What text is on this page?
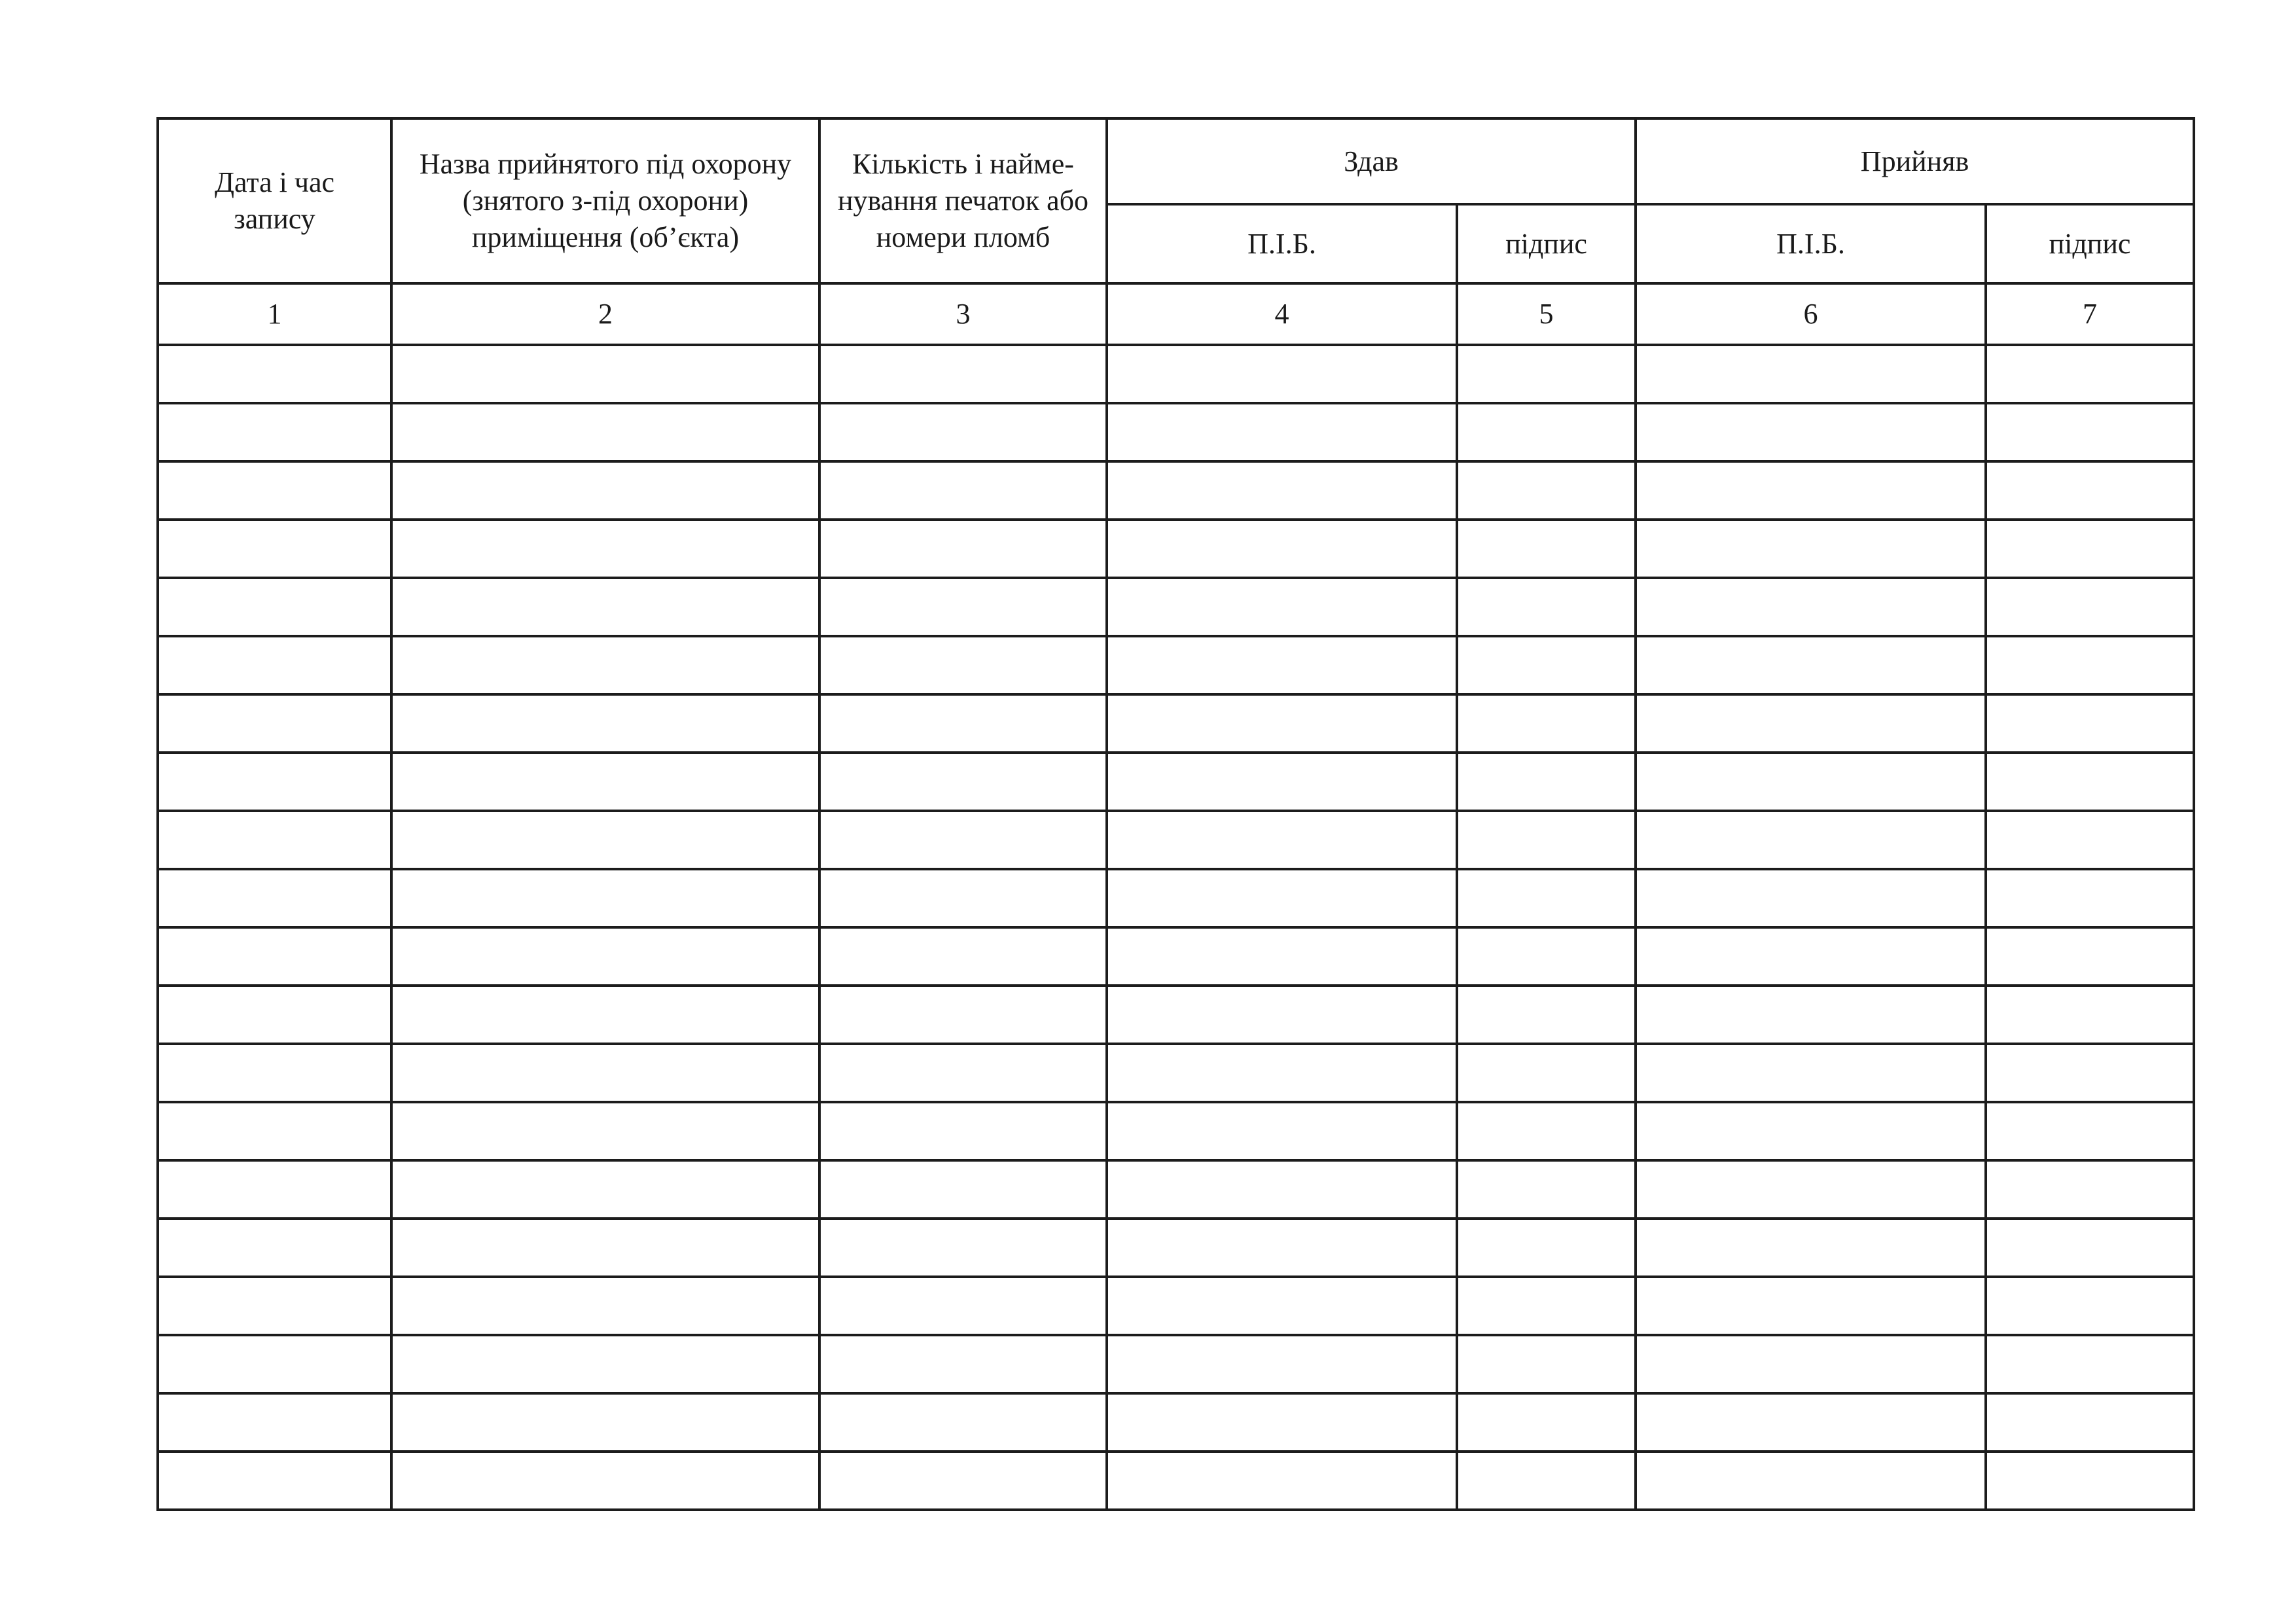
Дата і час запису	Назва прийнятого під охорону (знятого з-під охорони) приміщення (об’єкта)	Кількість і найме- нування печаток або номери пломб	Здав		Прийняв	
			П.І.Б.	підпис	П.І.Б.	підпис
1	2	3	4	5	6	7
